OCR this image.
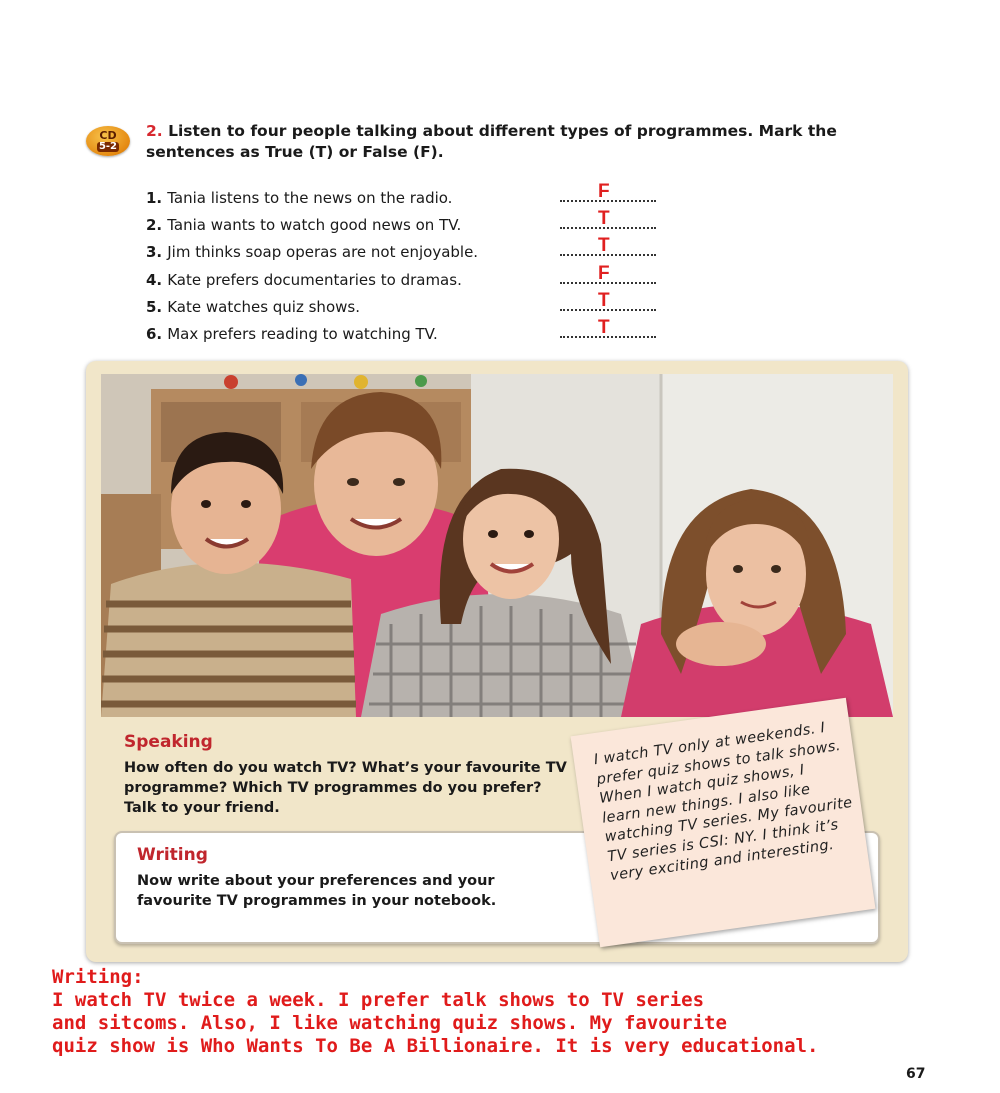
CD
5-2
2. Listen to four people talking about different types of programmes. Mark the sentences as True (T) or False (F).
1. Tania listens to the news on the radio.	F
2. Tania wants to watch good news on TV.	T
3. Jim thinks soap operas are not enjoyable.	T
4. Kate prefers documentaries to dramas.	F
5. Kate watches quiz shows.	T
6. Max prefers reading to watching TV.	T
Speaking
How often do you watch TV? What’s your favourite TV programme? Which TV programmes do you prefer? Talk to your friend.
Writing
Now write about your preferences and your favourite TV programmes in your notebook.
I watch TV only at weekends. I prefer quiz shows to talk shows. When I watch quiz shows, I learn new things. I also like watching TV series. My favourite TV series is CSI: NY. I think it’s very exciting and interesting.
Writing:
I watch TV twice a week. I prefer talk shows to TV series
and sitcoms. Also, I like watching quiz shows. My favourite
quiz show is Who Wants To Be A Billionaire. It is very educational.
67
